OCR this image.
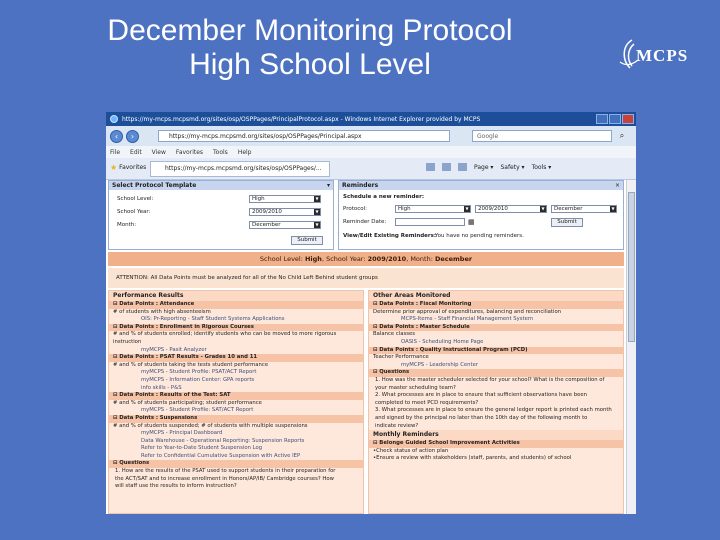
December Monitoring Protocol
High School Level	MCPS
https://my-mcps.mcpsmd.org/sites/osp/OSPPages/PrincipalProtocol.aspx - Windows Internet Explorer provided by MCPS
‹	›	https://my-mcps.mcpsmd.org/sites/osp/OSPPages/Principal.aspx	Google	⌕
File Edit View Favorites Tools Help
★ Favorites	https://my-mcps.mcpsmd.org/sites/osp/OSPPages/...	Page ▾ Safety ▾ Tools ▾
Select Protocol Template	▾
School Level:	High	▼
School Year:	2009/2010	▼
Month:	December	▼
Submit
Reminders	×
Schedule a new reminder:
Protocol:	High	▼	2009/2010	▼	December	▼
Reminder Date:	▦	Submit
View/Edit Existing Reminders:
You have no pending reminders.
School Level: High, School Year: 2009/2010, Month: December
ATTENTION: All Data Points must be analyzed for all of the No Child Left Behind student groups
Performance Results
⊟ Data Points : Attendance
# of students with high absenteeism
OIS: Pr-Reporting - Staff Student Systems Applications
⊟ Data Points : Enrollment in Rigorous Courses
# and % of students enrolled; identify students who can be moved to more rigorous
instruction
myMCPS - Pasit Analyzer
⊟ Data Points : PSAT Results - Grades 10 and 11
# and % of students taking the tests student performance
myMCPS - Student Profile: PSAT/ACT Report
myMCPS - Information Center: GPA reports
info skills - P&S
⊟ Data Points : Results of the Test: SAT
# and % of students participating; student performance
myMCPS - Student Profile: SAT/ACT Report
⊟ Data Points : Suspensions
# and % of students suspended; # of students with multiple suspensions
myMCPS - Principal Dashboard
Data Warehouse - Operational Reporting: Suspension Reports
Refer to Year-to-Date Student Suspension Log
Refer to Confidential Cumulative Suspension with Active IEP
⊟ Questions
1. How are the results of the PSAT used to support students in their preparation for
the ACT/SAT and to increase enrollment in Honors/AP/IB/ Cambridge courses? How
will staff use the results to inform instruction?
Other Areas Monitored
⊟ Data Points : Fiscal Monitoring
Determine prior approval of expenditures, balancing and reconciliation
MCPS-Items - Staff Financial Management System
⊟ Data Points : Master Schedule
Balance classes
OASIS - Scheduling Home Page
⊟ Data Points : Quality Instructional Program (PCD)
Teacher Performance
myMCPS - Leadership Center
⊟ Questions
1. How was the master scheduler selected for your school? What is the composition of
your master scheduling team?
2. What processes are in place to ensure that sufficient observations have been
completed to meet PCD requirements?
3. What processes are in place to ensure the general ledger report is printed each month
and signed by the principal no later than the 10th day of the following month to
indicate review?
Monthly Reminders
⊟ Belonge Guided School Improvement Activities
•Check status of action plan
•Ensure a review with stakeholders (staff, parents, and students) of school
